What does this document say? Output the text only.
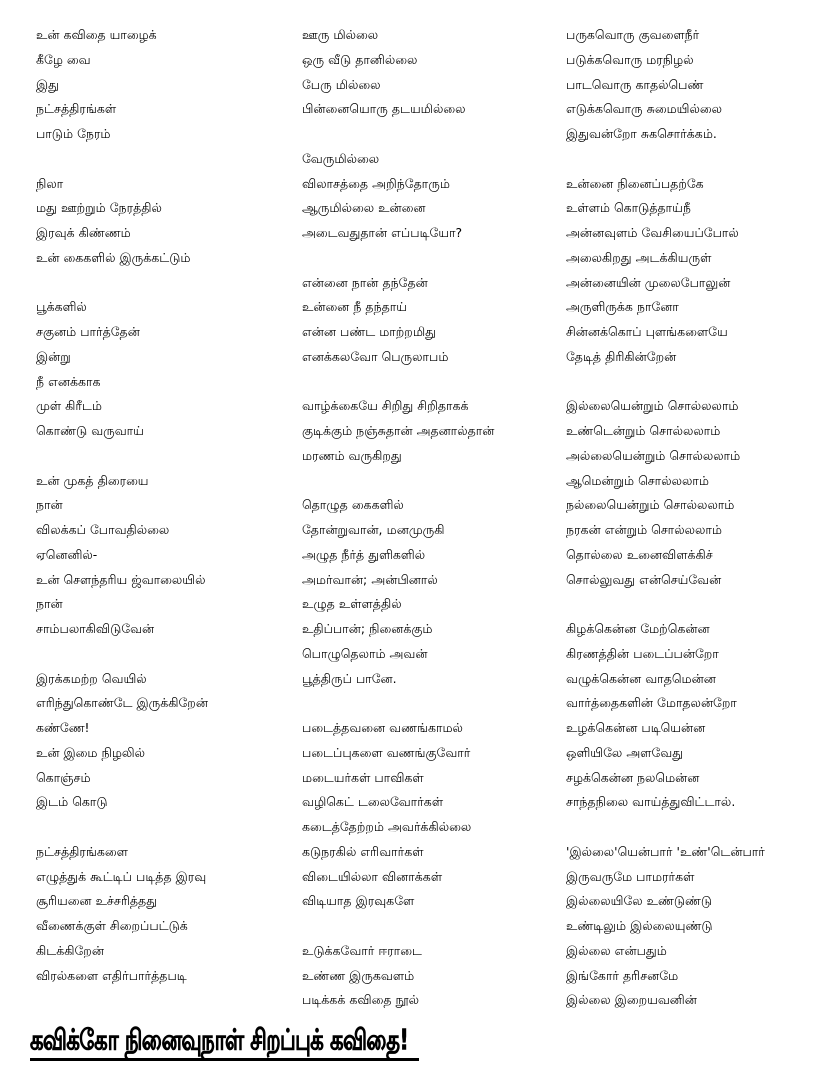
உன் கவிதை யாழைக்
கீழே வை
இது
நட்சத்திரங்கள்
பாடும் நேரம்
நிலா
மது ஊற்றும் நேரத்தில்
இரவுக் கிண்ணம்
உன் கைகளில் இருக்கட்டும்
பூக்களில்
சகுனம் பார்த்தேன்
இன்று
நீ எனக்காக
முள் கிரீடம்
கொண்டு வருவாய்
உன் முகத் திரையை
நான்
விலக்கப் போவதில்லை
ஏனெனில்-
உன் சௌந்தரிய ஜ்வாலையில்
நான்
சாம்பலாகிவிடுவேன்
இரக்கமற்ற வெயில்
எரிந்துகொண்டே இருக்கிறேன்
கண்ணே!
உன் இமை நிழலில்
கொஞ்சம்
இடம் கொடு
நட்சத்திரங்களை
எழுத்துக் கூட்டிப் படித்த இரவு
சூரியனை உச்சரித்தது
வீணைக்குள் சிறைப்பட்டுக்
கிடக்கிறேன்
விரல்களை எதிர்பார்த்தபடி
ஊரு மில்லை
ஒரு வீடு தானில்லை
பேரு மில்லை
பின்னையொரு தடயமில்லை
வேருமில்லை
விலாசத்தை அறிந்தோரும்
ஆருமில்லை உன்னை
அடைவதுதான் எப்படியோ?
என்னை நான் தந்தேன்
உன்னை நீ தந்தாய்
என்ன பண்ட மாற்றமிது
எனக்கலவோ பெருலாபம்
வாழ்க்கையே சிறிது சிறிதாகக்
குடிக்கும் நஞ்சுதான் அதனால்தான்
மரணம் வருகிறது
தொழுத கைகளில்
தோன்றுவான், மனமுருகி
அழுத நீர்த் துளிகளில்
அமர்வான்; அன்பினால்
உழுத உள்ளத்தில்
உதிப்பான்; நினைக்கும்
பொழுதெலாம் அவன்
பூத்திருப் பானே.
படைத்தவனை வணங்காமல்
படைப்புகளை வணங்குவோர்
மடையர்கள் பாவிகள்
வழிகெட் டலைவோர்கள்
கடைத்தேற்றம் அவர்க்கில்லை
கடுநரகில் எரிவார்கள்
விடையில்லா வினாக்கள்
விடியாத இரவுகளே
உடுக்கவோர் ஈராடை
உண்ண இருகவளம்
படிக்கக் கவிதை நூல்
பருகவொரு குவளைநீர்
படுக்கவொரு மரநிழல்
பாடவொரு காதல்பெண்
எடுக்கவொரு சுமையில்லை
இதுவன்றோ சுகசொர்க்கம்.
உன்னை நினைப்பதற்கே
உள்ளம் கொடுத்தாய்நீ
அன்னவுளம் வேசியைப்போல்
அலைகிறது அடக்கியருள்
அன்னையின் முலைபோலுன்
அருளிருக்க நானோ
சின்னக்கொப் புளங்களையே
தேடித் திரிகின்றேன்
இல்லையென்றும் சொல்லலாம்
உண்டென்றும் சொல்லலாம்
அல்லையென்றும் சொல்லலாம்
ஆமென்றும் சொல்லலாம்
நல்லையென்றும் சொல்லலாம்
நரகன் என்றும் சொல்லலாம்
தொல்லை உனைவிளக்கிச்
சொல்லுவது என்செய்வேன்
கிழக்கென்ன மேற்கென்ன
கிரணத்தின் படைப்பன்றோ
வழுக்கென்ன வாதமென்ன
வார்த்தைகளின் மோதலன்றோ
உழக்கென்ன படியென்ன
ஒளியிலே அளவேது
சழக்கென்ன நலமென்ன
சாந்தநிலை வாய்த்துவிட்டால்.
'இல்லை'யென்பார் 'உண்'டென்பார்
இருவருமே பாமரர்கள்
இல்லையிலே உண்டுண்டு
உண்டிலும் இல்லையுண்டு
இல்லை என்பதும்
இங்கோர் தரிசனமே
இல்லை இறையவனின்
கவிக்கோ நினைவுநாள் சிறப்புக் கவிதை!
